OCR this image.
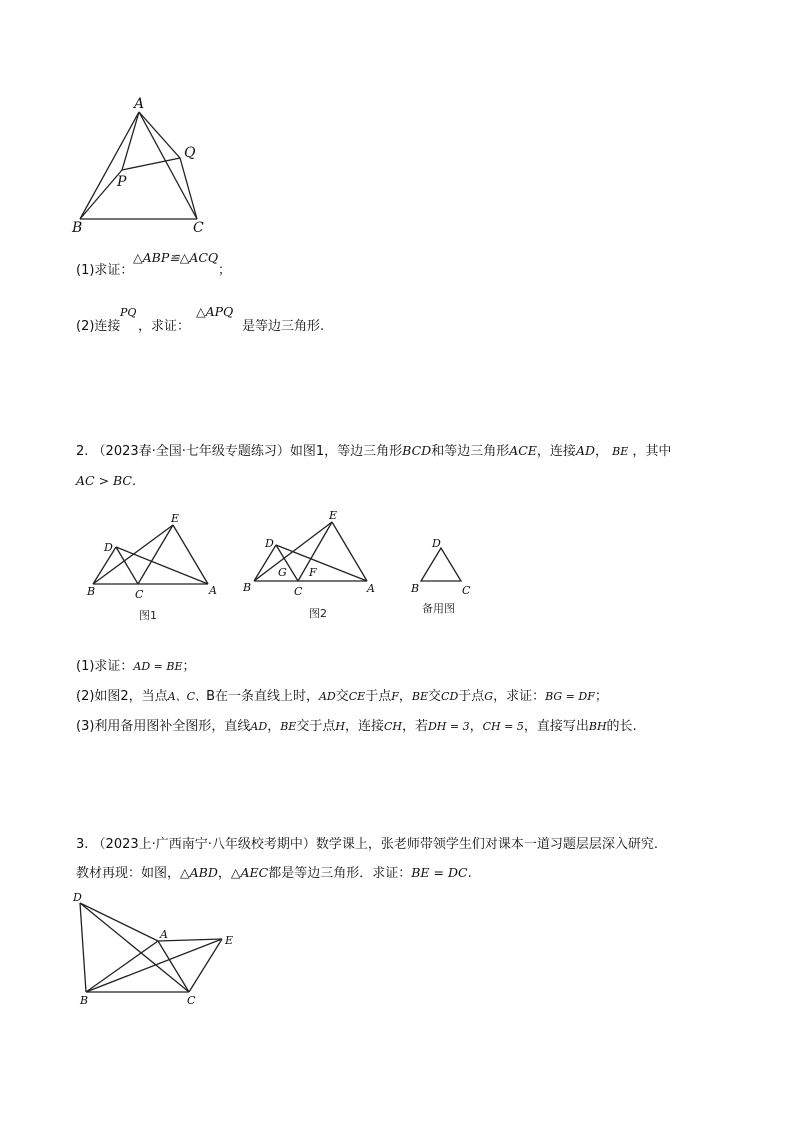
A
Q
P
B	C
(1)求证：
△ABP≌△ACQ
；
(2)连接
PQ
，求证：
△APQ
是等边三角形.
2. （2023春·全国·七年级专题练习）如图1，等边三角形BCD和等边三角形ACE，连接AD， BE ，其中
AC > BC.
E
D
B	C	A
图1
E
D
G F
B	C	A
图2
D
B	C
备用图
(1)求证：AD = BE；
(2)如图2，当点A、C、B在一条直线上时，AD交CE于点F，BE交CD于点G，求证：BG = DF；
(3)利用备用图补全图形，直线AD，BE交于点H，连接CH，若DH = 3，CH = 5，直接写出BH的长.
3. （2023上·广西南宁·八年级校考期中）数学课上，张老师带领学生们对课本一道习题层层深入研究.
教材再现：如图，△ABD，△AEC都是等边三角形．求证：BE = DC.
D
A	E
B	C
